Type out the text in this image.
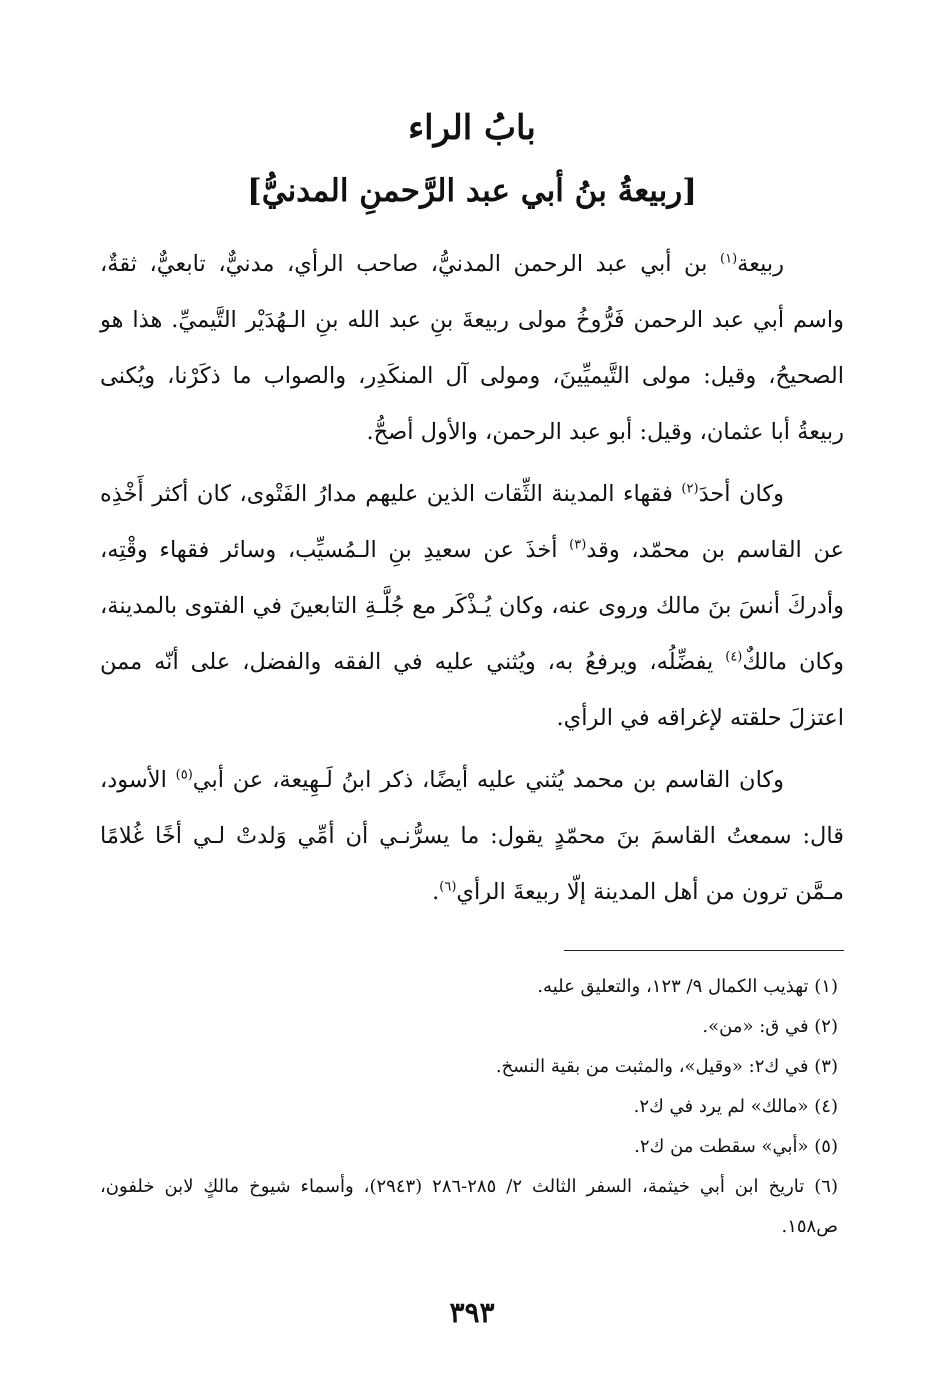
بابُ الراء
[ربيعةُ بنُ أبي عبد الرَّحمنِ المدنيُّ]

ربيعة$^{(١)}$ بن أبي عبد الرحمن المدنيُّ، صاحب الرأي، مدنيٌّ، تابعيٌّ، ثقةٌ، واسم أبي عبد الرحمن فَرُّوخُ مولى ربيعةَ بنِ عبد الله بنِ الـهُدَيْر التَّيميِّ. هذا هو الصحيحُ، وقيل: مولى التَّيميِّينَ، ومولى آل المنكَدِر، والصواب ما ذكَرْنا، ويُكنى ربيعةُ أبا عثمان، وقيل: أبو عبد الرحمن، والأول أصحُّ.

وكان أحدَ$^{(٢)}$ فقهاء المدينة الثِّقات الذين عليهم مدارُ الفَتْوى، كان أكثر أَخْذِه عن القاسم بن محمّد، وقد$^{(٣)}$ أخذَ عن سعيدِ بنِ الـمُسيِّب، وسائر فقهاء وقْتِه، وأدركَ أنسَ بنَ مالك وروى عنه، وكان يُـذْكَر مع جُلَّـةِ التابعينَ في الفتوى بالمدينة، وكان مالكٌ$^{(٤)}$ يفضِّلُه، ويرفعُ به، ويُثني عليه في الفقه والفضل، على أنّه ممن اعتزلَ حلقته لإغراقه في الرأي.

وكان القاسم بن محمد يُثني عليه أيضًا، ذكر ابنُ لَـهِيعة، عن أبي$^{(٥)}$ الأسود، قال: سمعتُ القاسمَ بنَ محمّدٍ يقول: ما يسرُّنـي أن أمِّي وَلدتْ لـي أخًا غُلامًا مـمَّن ترون من أهل المدينة إلّا ربيعةَ الرأي$^{(٦)}$.

(١) تهذيب الكمال ٩/ ١٢٣، والتعليق عليه.

(٢) في ق: «من».

(٣) في ك٢: «وقيل»، والمثبت من بقية النسخ.

(٤) «مالك» لم يرد في ك٢.

(٥) «أبي» سقطت من ك٢.

(٦) تاريخ ابن أبي خيثمة، السفر الثالث ٢/ ٢٨٥-٢٨٦ (٢٩٤٣)، وأسماء شيوخ مالكٍ لابن خلفون، ص١٥٨.

٣٩٣
